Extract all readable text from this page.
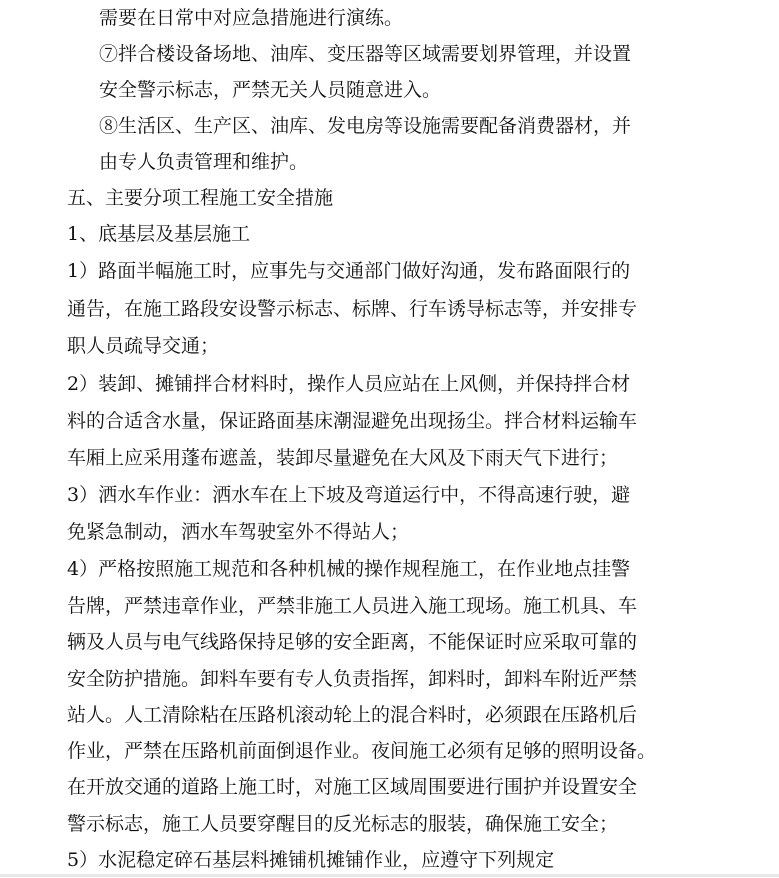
需要在日常中对应急措施进行演练。
⑦拌合楼设备场地、油库、变压器等区域需要划界管理，并设置
安全警示标志，严禁无关人员随意进入。
⑧生活区、生产区、油库、发电房等设施需要配备消费器材，并
由专人负责管理和维护。
五、主要分项工程施工安全措施
1、底基层及基层施工
1）路面半幅施工时，应事先与交通部门做好沟通，发布路面限行的
通告，在施工路段安设警示标志、标牌、行车诱导标志等，并安排专
职人员疏导交通；
2）装卸、摊铺拌合材料时，操作人员应站在上风侧，并保持拌合材
料的合适含水量，保证路面基床潮湿避免出现扬尘。拌合材料运输车
车厢上应采用蓬布遮盖，装卸尽量避免在大风及下雨天气下进行；
3）洒水车作业：洒水车在上下坡及弯道运行中，不得高速行驶，避
免紧急制动，洒水车驾驶室外不得站人；
4）严格按照施工规范和各种机械的操作规程施工，在作业地点挂警
告牌，严禁违章作业，严禁非施工人员进入施工现场。施工机具、车
辆及人员与电气线路保持足够的安全距离，不能保证时应采取可靠的
安全防护措施。卸料车要有专人负责指挥，卸料时，卸料车附近严禁
站人。人工清除粘在压路机滚动轮上的混合料时，必须跟在压路机后
作业，严禁在压路机前面倒退作业。夜间施工必须有足够的照明设备。
在开放交通的道路上施工时，对施工区域周围要进行围护并设置安全
警示标志，施工人员要穿醒目的反光标志的服装，确保施工安全；
5）水泥稳定碎石基层料摊铺机摊铺作业，应遵守下列规定
